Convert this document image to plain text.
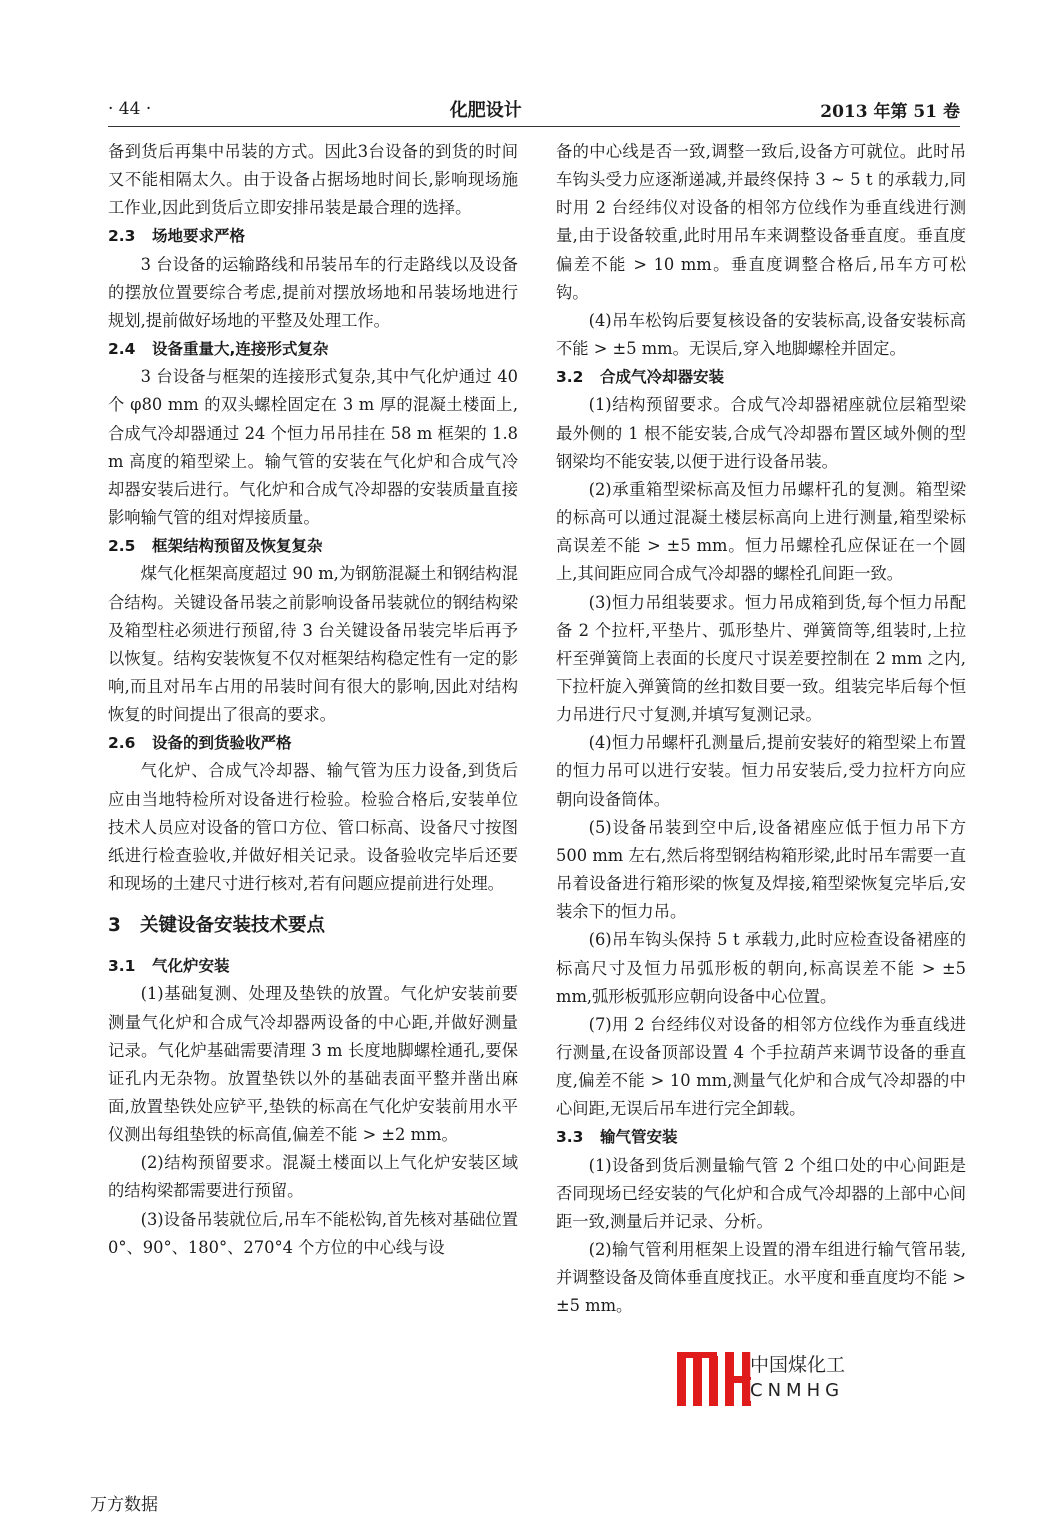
· 44 ·	化肥设计	2013 年第 51 卷

备到货后再集中吊装的方式。因此3台设备的到货的时间又不能相隔太久。由于设备占据场地时间长,影响现场施工作业,因此到货后立即安排吊装是最合理的选择。

2.3 场地要求严格

3 台设备的运输路线和吊装吊车的行走路线以及设备的摆放位置要综合考虑,提前对摆放场地和吊装场地进行规划,提前做好场地的平整及处理工作。

2.4 设备重量大,连接形式复杂

3 台设备与框架的连接形式复杂,其中气化炉通过 40 个 φ80 mm 的双头螺栓固定在 3 m 厚的混凝土楼面上,合成气冷却器通过 24 个恒力吊吊挂在 58 m 框架的 1.8 m 高度的箱型梁上。输气管的安装在气化炉和合成气冷却器安装后进行。气化炉和合成气冷却器的安装质量直接影响输气管的组对焊接质量。

2.5 框架结构预留及恢复复杂

煤气化框架高度超过 90 m,为钢筋混凝土和钢结构混合结构。关键设备吊装之前影响设备吊装就位的钢结构梁及箱型柱必须进行预留,待 3 台关键设备吊装完毕后再予以恢复。结构安装恢复不仅对框架结构稳定性有一定的影响,而且对吊车占用的吊装时间有很大的影响,因此对结构恢复的时间提出了很高的要求。

2.6 设备的到货验收严格

气化炉、合成气冷却器、输气管为压力设备,到货后应由当地特检所对设备进行检验。检验合格后,安装单位技术人员应对设备的管口方位、管口标高、设备尺寸按图纸进行检查验收,并做好相关记录。设备验收完毕后还要和现场的土建尺寸进行核对,若有问题应提前进行处理。

3 关键设备安装技术要点
3.1 气化炉安装

(1)基础复测、处理及垫铁的放置。气化炉安装前要测量气化炉和合成气冷却器两设备的中心距,并做好测量记录。气化炉基础需要清理 3 m 长度地脚螺栓通孔,要保证孔内无杂物。放置垫铁以外的基础表面平整并凿出麻面,放置垫铁处应铲平,垫铁的标高在气化炉安装前用水平仪测出每组垫铁的标高值,偏差不能 > ±2 mm。

(2)结构预留要求。混凝土楼面以上气化炉安装区域的结构梁都需要进行预留。

(3)设备吊装就位后,吊车不能松钩,首先核对基础位置 0°、90°、180°、270°4 个方位的中心线与设

备的中心线是否一致,调整一致后,设备方可就位。此时吊车钩头受力应逐渐递减,并最终保持 3 ~ 5 t 的承载力,同时用 2 台经纬仪对设备的相邻方位线作为垂直线进行测量,由于设备较重,此时用吊车来调整设备垂直度。垂直度偏差不能 > 10 mm。垂直度调整合格后,吊车方可松钩。

(4)吊车松钩后要复核设备的安装标高,设备安装标高不能 > ±5 mm。无误后,穿入地脚螺栓并固定。

3.2 合成气冷却器安装

(1)结构预留要求。合成气冷却器裙座就位层箱型梁最外侧的 1 根不能安装,合成气冷却器布置区域外侧的型钢梁均不能安装,以便于进行设备吊装。

(2)承重箱型梁标高及恒力吊螺杆孔的复测。箱型梁的标高可以通过混凝土楼层标高向上进行测量,箱型梁标高误差不能 > ±5 mm。恒力吊螺栓孔应保证在一个圆上,其间距应同合成气冷却器的螺栓孔间距一致。

(3)恒力吊组装要求。恒力吊成箱到货,每个恒力吊配备 2 个拉杆,平垫片、弧形垫片、弹簧筒等,组装时,上拉杆至弹簧筒上表面的长度尺寸误差要控制在 2 mm 之内,下拉杆旋入弹簧筒的丝扣数目要一致。组装完毕后每个恒力吊进行尺寸复测,并填写复测记录。

(4)恒力吊螺杆孔测量后,提前安装好的箱型梁上布置的恒力吊可以进行安装。恒力吊安装后,受力拉杆方向应朝向设备筒体。

(5)设备吊装到空中后,设备裙座应低于恒力吊下方 500 mm 左右,然后将型钢结构箱形梁,此时吊车需要一直吊着设备进行箱形梁的恢复及焊接,箱型梁恢复完毕后,安装余下的恒力吊。

(6)吊车钩头保持 5 t 承载力,此时应检查设备裙座的标高尺寸及恒力吊弧形板的朝向,标高误差不能 > ±5 mm,弧形板弧形应朝向设备中心位置。

(7)用 2 台经纬仪对设备的相邻方位线作为垂直线进行测量,在设备顶部设置 4 个手拉葫芦来调节设备的垂直度,偏差不能 > 10 mm,测量气化炉和合成气冷却器的中心间距,无误后吊车进行完全卸载。

3.3 输气管安装

(1)设备到货后测量输气管 2 个组口处的中心间距是否同现场已经安装的气化炉和合成气冷却器的上部中心间距一致,测量后并记录、分析。

(2)输气管利用框架上设置的滑车组进行输气管吊装,并调整设备及筒体垂直度找正。水平度和垂直度均不能 > ±5 mm。

中国煤化工
CNMHG
万方数据
